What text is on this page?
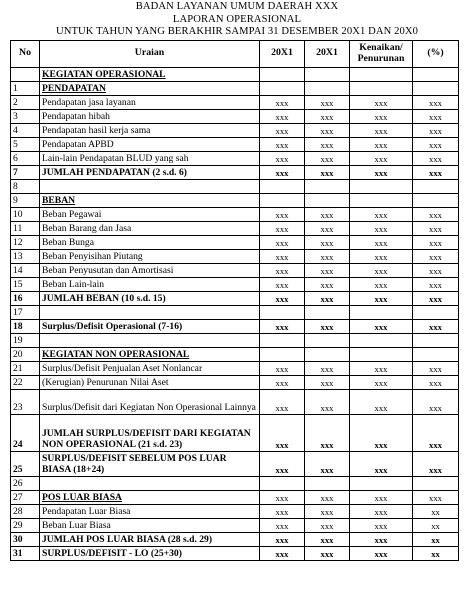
BADAN LAYANAN UMUM DAERAH XXX
LAPORAN OPERASIONAL
UNTUK TAHUN YANG BERAKHIR SAMPAI 31 DESEMBER 20X1 DAN 20X0
No	Uraian	20X1	20X1	Kenaikan/ Penurunan	(%)
	KEGIATAN OPERASIONAL				
1	PENDAPATAN				
2	Pendapatan jasa layanan	xxx	xxx	xxx	xxx
3	Pendapatan hibah	xxx	xxx	xxx	xxx
4	Pendapatan hasil kerja sama	xxx	xxx	xxx	xxx
5	Pendapatan APBD	xxx	xxx	xxx	xxx
6	Lain-lain Pendapatan BLUD yang sah	xxx	xxx	xxx	xxx
7	JUMLAH PENDAPATAN (2 s.d. 6)	xxx	xxx	xxx	xxx
8					
9	BEBAN				
10	Beban Pegawai	xxx	xxx	xxx	xxx
11	Beban Barang dan Jasa	xxx	xxx	xxx	xxx
12	Beban Bunga	xxx	xxx	xxx	xxx
13	Beban Penyisihan Piutang	xxx	xxx	xxx	xxx
14	Beban Penyusutan dan Amortisasi	xxx	xxx	xxx	xxx
15	Beban Lain-lain	xxx	xxx	xxx	xxx
16	JUMLAH BEBAN (10 s.d. 15)	xxx	xxx	xxx	xxx
17					
18	Surplus/Defisit Operasional (7-16)	xxx	xxx	xxx	xxx
19					
20	KEGIATAN NON OPERASIONAL				
21	Surplus/Defisit Penjualan Aset Nonlancar	xxx	xxx	xxx	xxx
22	(Kerugian) Penurunan Nilai Aset	xxx	xxx	xxx	xxx
23	Surplus/Defisit dari Kegiatan Non Operasional Lainnya	xxx	xxx	xxx	xxx
24	JUMLAH SURPLUS/DEFISIT DARI KEGIATAN NON OPERASIONAL (21 s.d. 23)	xxx	xxx	xxx	xxx
25	SURPLUS/DEFISIT SEBELUM POS LUAR BIASA (18+24)	xxx	xxx	xxx	xxx
26					
27	POS LUAR BIASA	xxx	xxx	xxx	xxx
28	Pendapatan Luar Biasa	xxx	xxx	xxx	xx
29	Beban Luar Biasa	xxx	xxx	xxx	xx
30	JUMLAH POS LUAR BIASA (28 s.d. 29)	xxx	xxx	xxx	xx
31	SURPLUS/DEFISIT - LO (25+30)	xxx	xxx	xxx	xx
